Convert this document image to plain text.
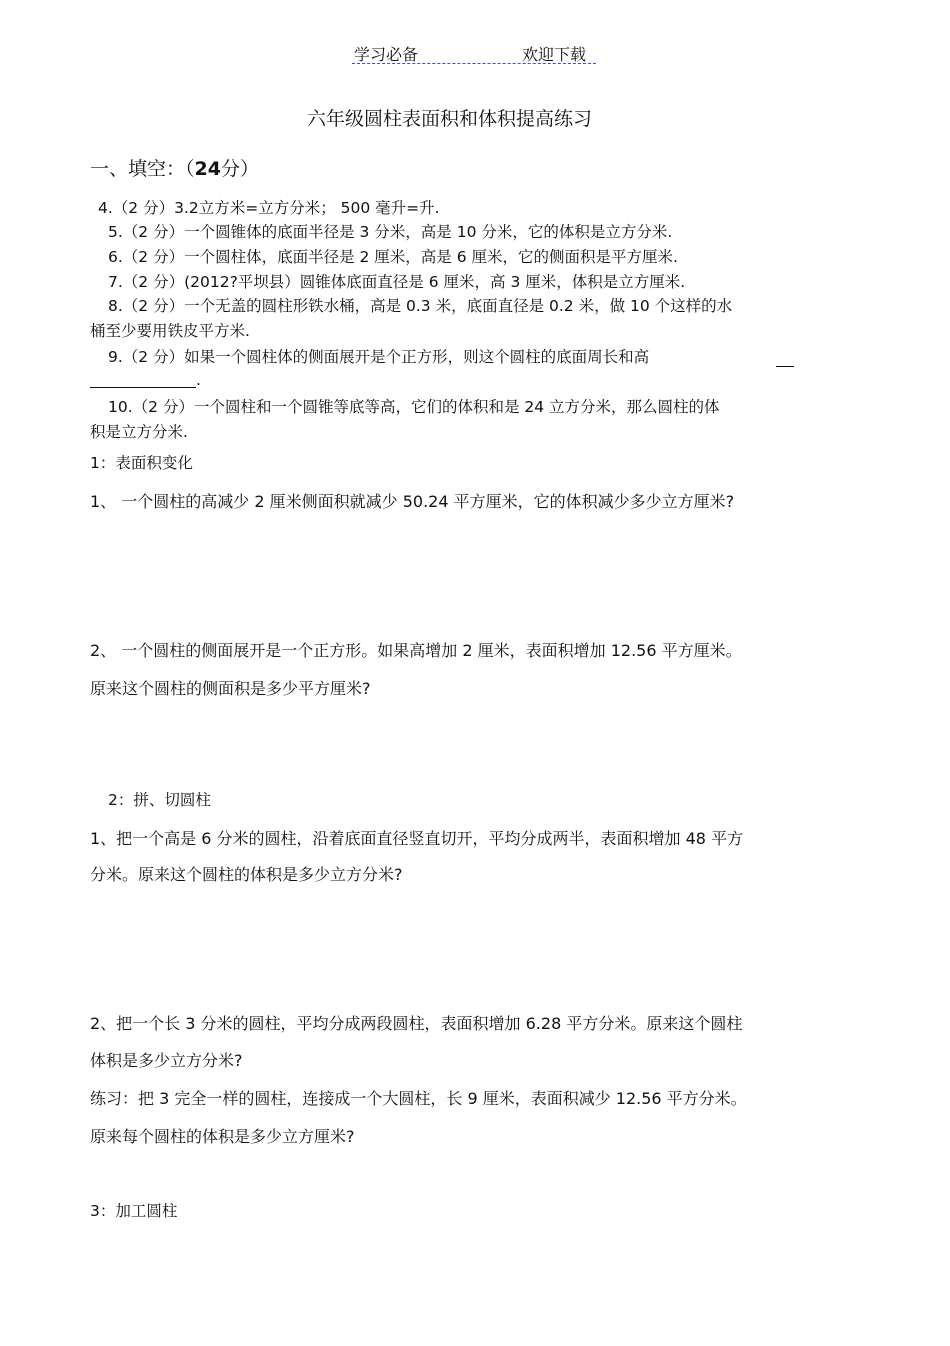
学习必备	欢迎下载
六年级圆柱表面积和体积提高练习
一、填空：（24分）
4.（2 分）3.2立方米=立方分米； 500 毫升=升.
5.（2 分）一个圆锥体的底面半径是 3 分米，高是 10 分米，它的体积是立方分米.
6.（2 分）一个圆柱体，底面半径是 2 厘米，高是 6 厘米，它的侧面积是平方厘米.
7.（2 分）(2012?平坝县）圆锥体底面直径是 6 厘米，高 3 厘米，体积是立方厘米.
8.（2 分）一个无盖的圆柱形铁水桶，高是 0.3 米，底面直径是 0.2 米，做 10 个这样的水
桶至少要用铁皮平方米.
9.（2 分）如果一个圆柱体的侧面展开是个正方形，则这个圆柱的底面周长和高
.
10.（2 分）一个圆柱和一个圆锥等底等高，它们的体积和是 24 立方分米，那么圆柱的体
积是立方分米.
1：表面积变化
1、 一个圆柱的高减少 2 厘米侧面积就减少 50.24 平方厘米，它的体积减少多少立方厘米?
2、 一个圆柱的侧面展开是一个正方形。如果高增加 2 厘米，表面积增加 12.56 平方厘米。
原来这个圆柱的侧面积是多少平方厘米?
2：拼、切圆柱
1、把一个高是 6 分米的圆柱，沿着底面直径竖直切开，平均分成两半，表面积增加 48 平方
分米。原来这个圆柱的体积是多少立方分米?
2、把一个长 3 分米的圆柱，平均分成两段圆柱，表面积增加 6.28 平方分米。原来这个圆柱
体积是多少立方分米?
练习：把 3 完全一样的圆柱，连接成一个大圆柱，长 9 厘米，表面积减少 12.56 平方分米。
原来每个圆柱的体积是多少立方厘米?
3：加工圆柱
